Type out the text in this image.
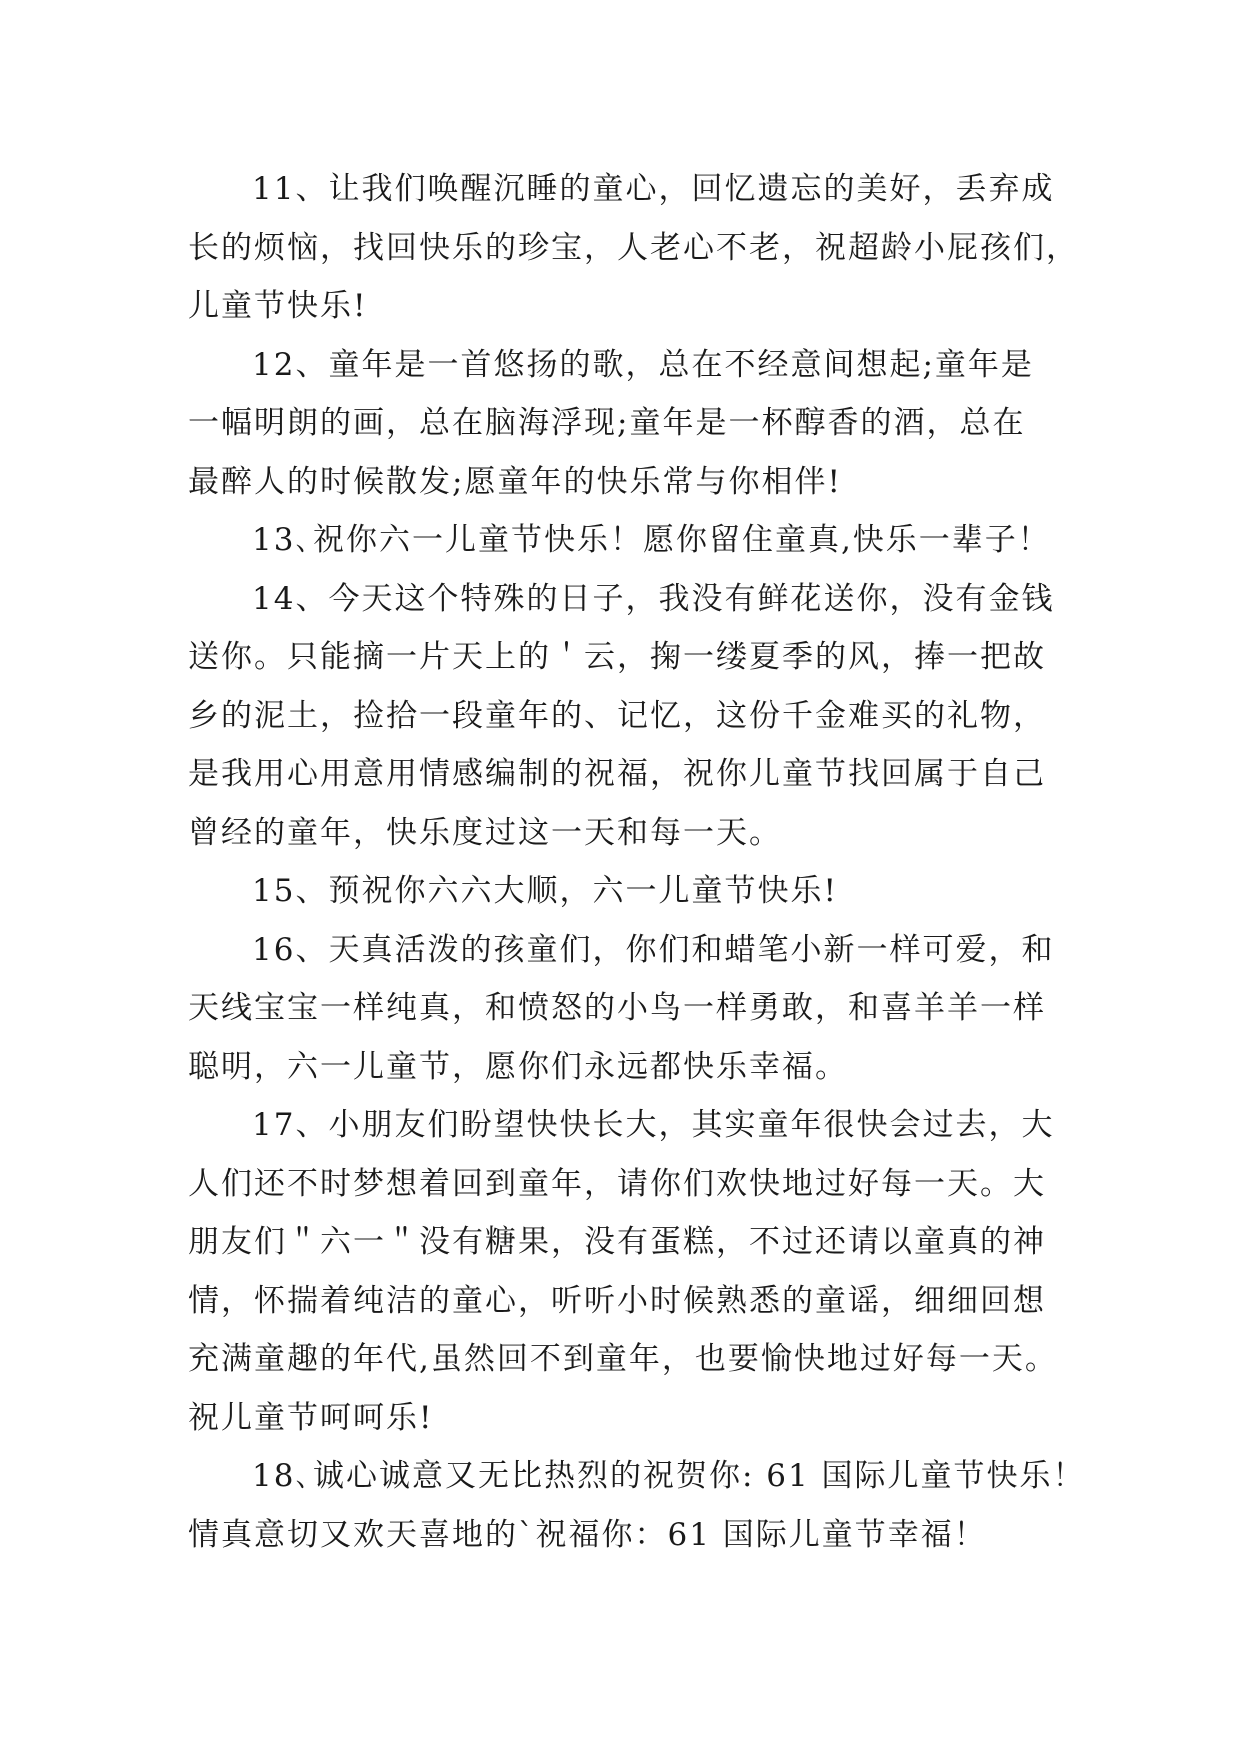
11、让我们唤醒沉睡的童心，回忆遗忘的美好，丢弃成
长的烦恼，找回快乐的珍宝，人老心不老，祝超龄小屁孩们，
儿童节快乐!

12、童年是一首悠扬的歌，总在不经意间想起;童年是
一幅明朗的画，总在脑海浮现;童年是一杯醇香的酒，总在
最醉人的时候散发;愿童年的快乐常与你相伴!

13､祝你六一儿童节快乐！愿你留住童真,快乐一辈子！

14、今天这个特殊的日子，我没有鲜花送你，没有金钱
送你。只能摘一片天上的＇云，掬一缕夏季的风，捧一把故
乡的泥土，捡拾一段童年的、记忆，这份千金难买的礼物，
是我用心用意用情感编制的祝福，祝你儿童节找回属于自己
曾经的童年，快乐度过这一天和每一天。

15、预祝你六六大顺，六一儿童节快乐!

16、天真活泼的孩童们，你们和蜡笔小新一样可爱，和
天线宝宝一样纯真，和愤怒的小鸟一样勇敢，和喜羊羊一样
聪明，六一儿童节，愿你们永远都快乐幸福。

17、小朋友们盼望快快长大，其实童年很快会过去，大
人们还不时梦想着回到童年，请你们欢快地过好每一天。大
朋友们＂六一＂没有糖果，没有蛋糕，不过还请以童真的神
情，怀揣着纯洁的童心，听听小时候熟悉的童谣，细细回想
充满童趣的年代,虽然回不到童年，也要愉快地过好每一天。
祝儿童节呵呵乐!

18､诚心诚意又无比热烈的祝贺你: 61 国际儿童节快乐！
情真意切又欢天喜地的`祝福你：61 国际儿童节幸福！
